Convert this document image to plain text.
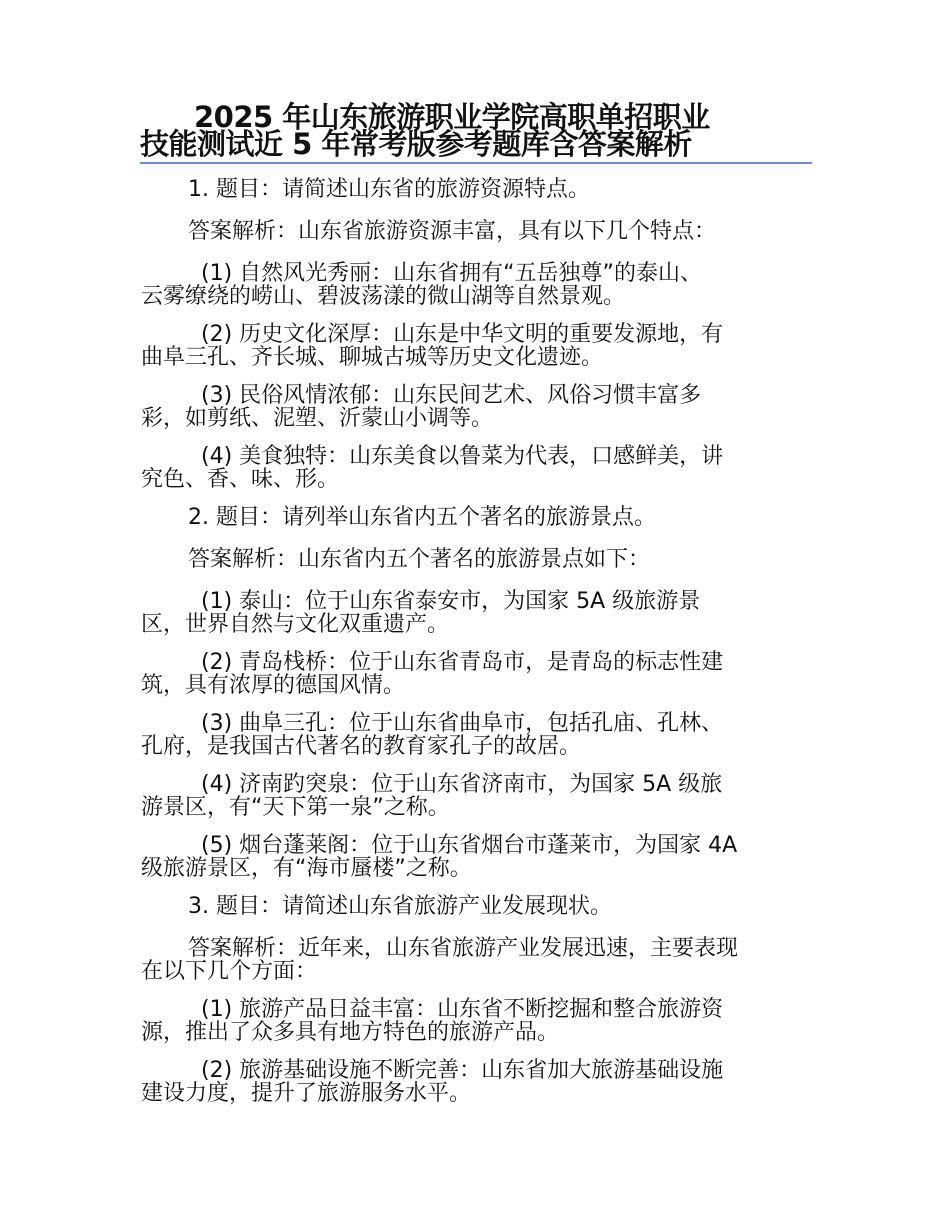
2025 年山东旅游职业学院高职单招职业
技能测试近 5 年常考版参考题库含答案解析
1. 题目：请简述山东省的旅游资源特点。
答案解析：山东省旅游资源丰富，具有以下几个特点：
(1) 自然风光秀丽：山东省拥有“五岳独尊”的泰山、
云雾缭绕的崂山、碧波荡漾的微山湖等自然景观。
(2) 历史文化深厚：山东是中华文明的重要发源地，有
曲阜三孔、齐长城、聊城古城等历史文化遗迹。
(3) 民俗风情浓郁：山东民间艺术、风俗习惯丰富多
彩，如剪纸、泥塑、沂蒙山小调等。
(4) 美食独特：山东美食以鲁菜为代表，口感鲜美，讲
究色、香、味、形。
2. 题目：请列举山东省内五个著名的旅游景点。
答案解析：山东省内五个著名的旅游景点如下：
(1) 泰山：位于山东省泰安市，为国家 5A 级旅游景
区，世界自然与文化双重遗产。
(2) 青岛栈桥：位于山东省青岛市，是青岛的标志性建
筑，具有浓厚的德国风情。
(3) 曲阜三孔：位于山东省曲阜市，包括孔庙、孔林、
孔府，是我国古代著名的教育家孔子的故居。
(4) 济南趵突泉：位于山东省济南市，为国家 5A 级旅
游景区，有“天下第一泉”之称。
(5) 烟台蓬莱阁：位于山东省烟台市蓬莱市，为国家 4A
级旅游景区，有“海市蜃楼”之称。
3. 题目：请简述山东省旅游产业发展现状。
答案解析：近年来，山东省旅游产业发展迅速，主要表现
在以下几个方面：
(1) 旅游产品日益丰富：山东省不断挖掘和整合旅游资
源，推出了众多具有地方特色的旅游产品。
(2) 旅游基础设施不断完善：山东省加大旅游基础设施
建设力度，提升了旅游服务水平。
